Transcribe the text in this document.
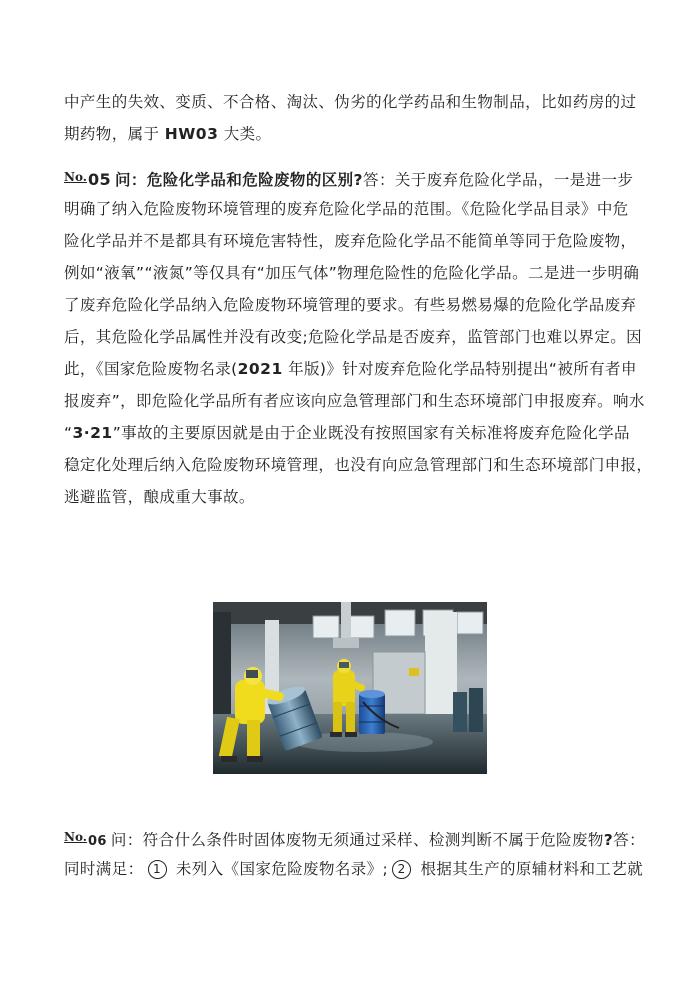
中产生的失效、变质、不合格、淘汰、伪劣的化学药品和生物制品，比如药房的过
期药物，属于 HW03 大类。
No.05 问：危险化学品和危险废物的区别?答：关于废弃危险化学品，一是进一步
明确了纳入危险废物环境管理的废弃危险化学品的范围。《危险化学品目录》中危
险化学品并不是都具有环境危害特性，废弃危险化学品不能简单等同于危险废物，
例如“液氧”“液氮”等仅具有“加压气体”物理危险性的危险化学品。二是进一步明确
了废弃危险化学品纳入危险废物环境管理的要求。有些易燃易爆的危险化学品废弃
后，其危险化学品属性并没有改变;危险化学品是否废弃，监管部门也难以界定。因
此，《国家危险废物名录(2021 年版)》针对废弃危险化学品特别提出“被所有者申
报废弃”，即危险化学品所有者应该向应急管理部门和生态环境部门申报废弃。响水
“3·21”事故的主要原因就是由于企业既没有按照国家有关标准将废弃危险化学品
稳定化处理后纳入危险废物环境管理，也没有向应急管理部门和生态环境部门申报，
逃避监管，酿成重大事故。
No.06 问：符合什么条件时固体废物无须通过采样、检测判断不属于危险废物?答：
同时满足： 1 未列入《国家危险废物名录》; 2 根据其生产的原辅材料和工艺就
